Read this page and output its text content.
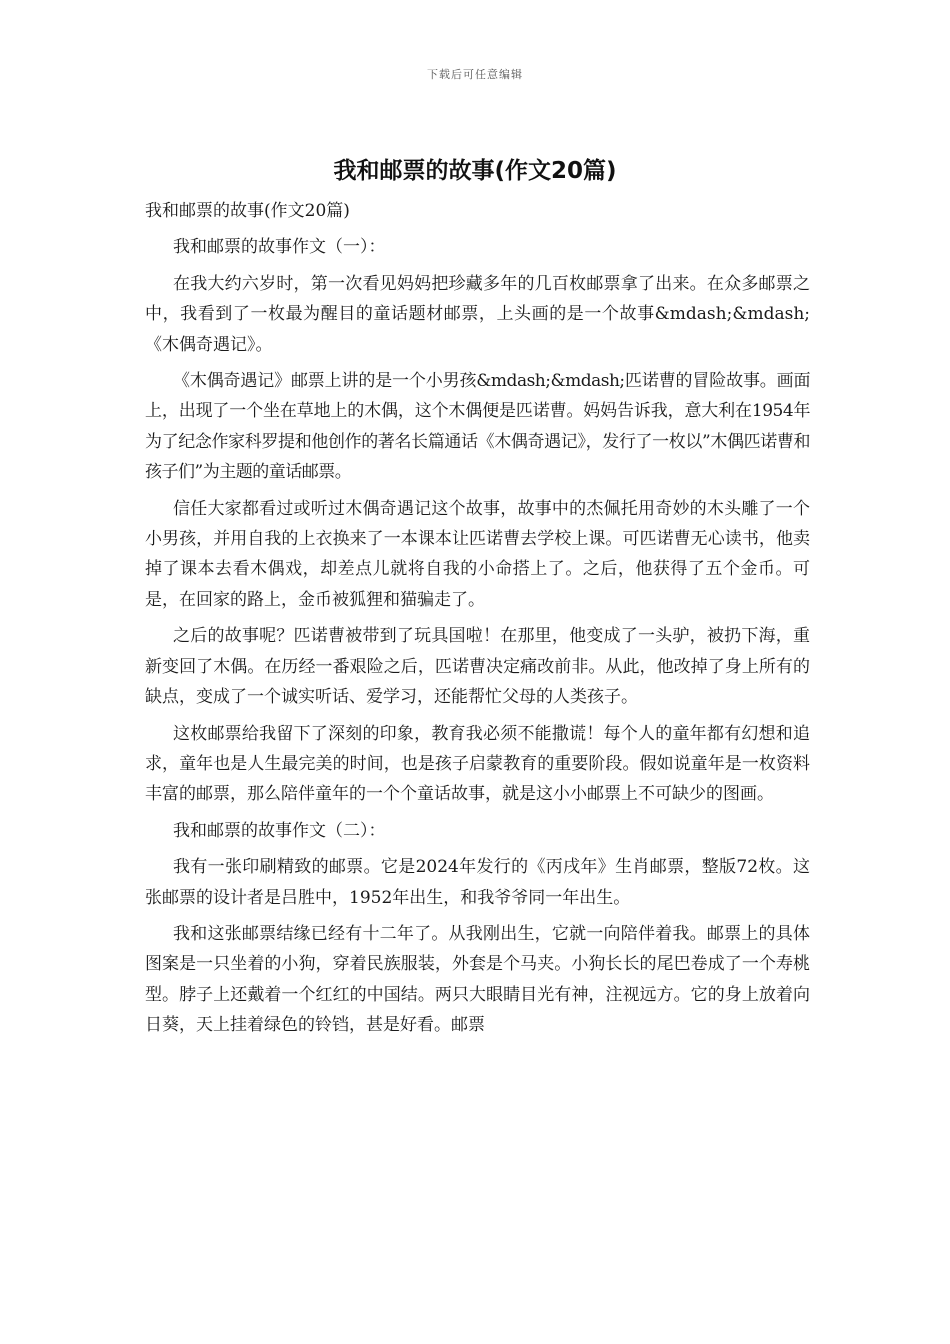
下载后可任意编辑
我和邮票的故事(作文20篇)

我和邮票的故事(作文20篇)

我和邮票的故事作文（一）：

在我大约六岁时，第一次看见妈妈把珍藏多年的几百枚邮票拿了出来。在众多邮票之中，我看到了一枚最为醒目的童话题材邮票，上头画的是一个故事&mdash;&mdash;《木偶奇遇记》。

《木偶奇遇记》邮票上讲的是一个小男孩&mdash;&mdash;匹诺曹的冒险故事。画面上，出现了一个坐在草地上的木偶，这个木偶便是匹诺曹。妈妈告诉我，意大利在1954年为了纪念作家科罗提和他创作的著名长篇通话《木偶奇遇记》，发行了一枚以”木偶匹诺曹和孩子们”为主题的童话邮票。

信任大家都看过或听过木偶奇遇记这个故事，故事中的杰佩托用奇妙的木头雕了一个小男孩，并用自我的上衣换来了一本课本让匹诺曹去学校上课。可匹诺曹无心读书，他卖掉了课本去看木偶戏，却差点儿就将自我的小命搭上了。之后，他获得了五个金币。可是，在回家的路上，金币被狐狸和猫骗走了。

之后的故事呢？匹诺曹被带到了玩具国啦！在那里，他变成了一头驴，被扔下海，重新变回了木偶。在历经一番艰险之后，匹诺曹决定痛改前非。从此，他改掉了身上所有的缺点，变成了一个诚实听话、爱学习，还能帮忙父母的人类孩子。

这枚邮票给我留下了深刻的印象，教育我必须不能撒谎！每个人的童年都有幻想和追求，童年也是人生最完美的时间，也是孩子启蒙教育的重要阶段。假如说童年是一枚资料丰富的邮票，那么陪伴童年的一个个童话故事，就是这小小邮票上不可缺少的图画。

我和邮票的故事作文（二）：

我有一张印刷精致的邮票。它是2024年发行的《丙戌年》生肖邮票，整版72枚。这张邮票的设计者是吕胜中，1952年出生，和我爷爷同一年出生。

我和这张邮票结缘已经有十二年了。从我刚出生，它就一向陪伴着我。邮票上的具体图案是一只坐着的小狗，穿着民族服装，外套是个马夹。小狗长长的尾巴卷成了一个寿桃型。脖子上还戴着一个红红的中国结。两只大眼睛目光有神，注视远方。它的身上放着向日葵，天上挂着绿色的铃铛，甚是好看。邮票
